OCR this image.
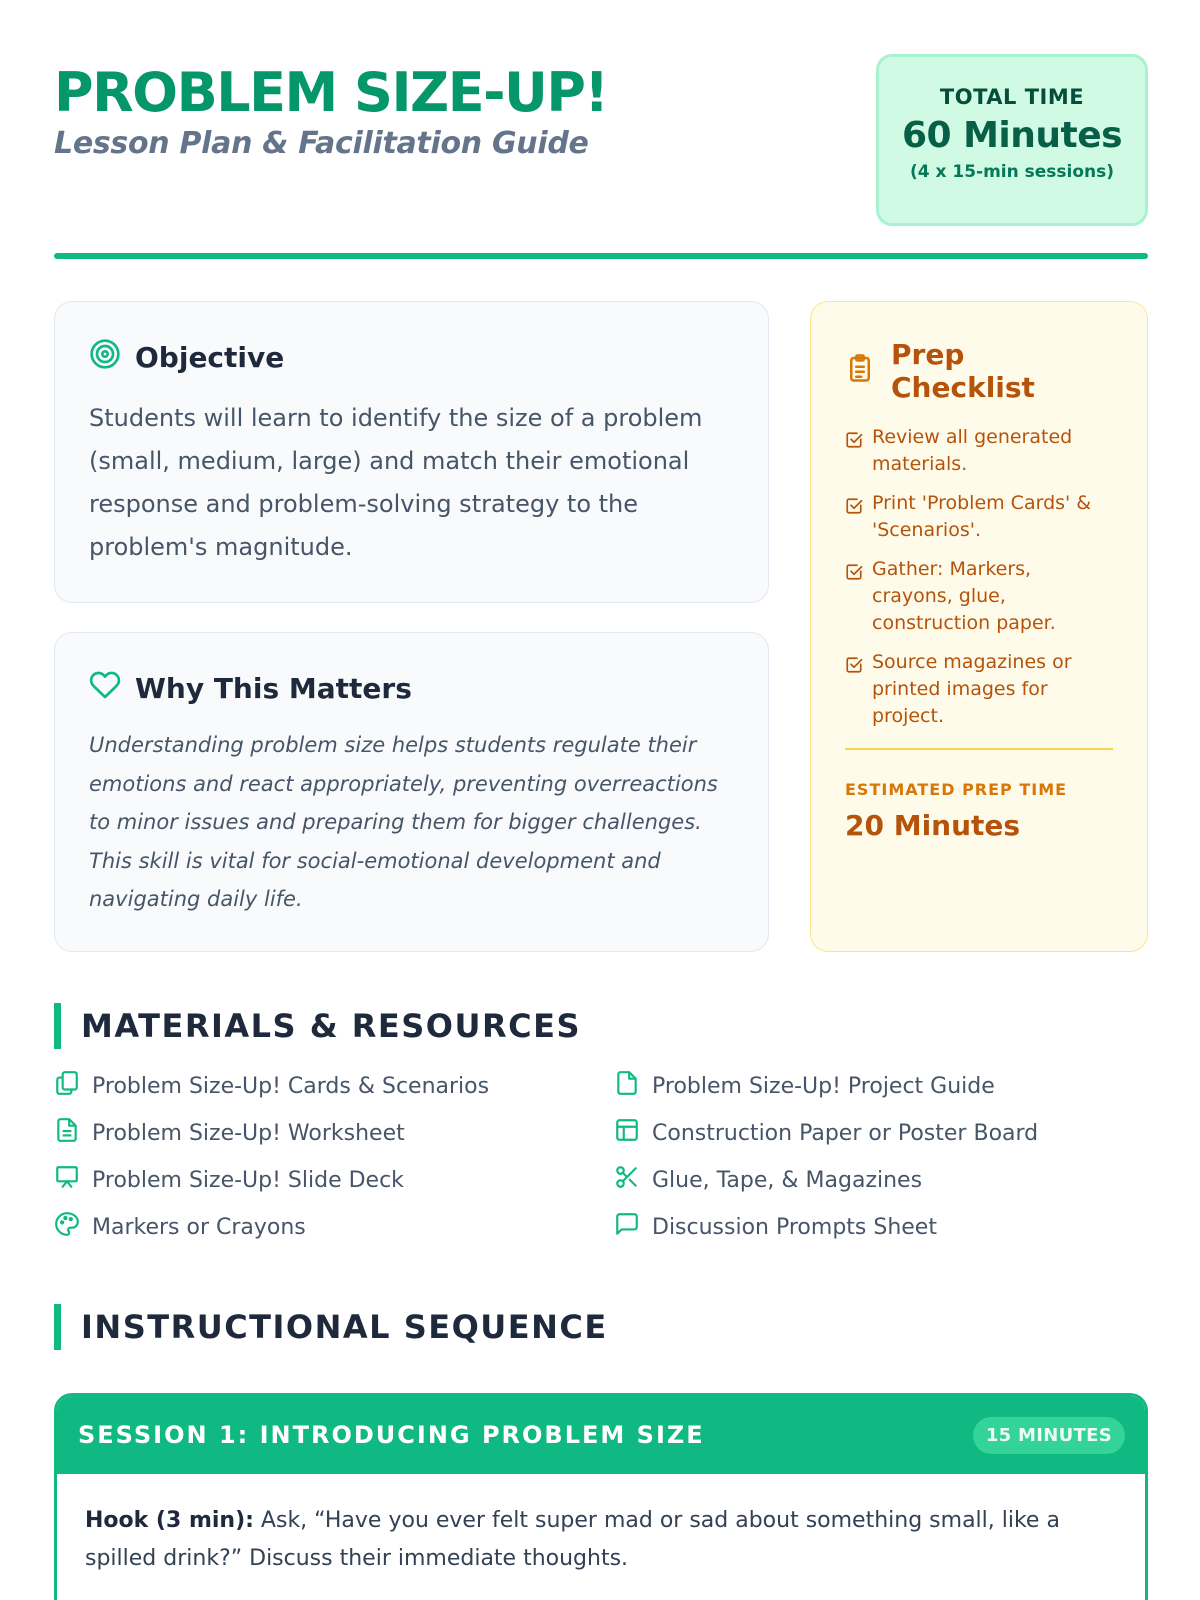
PROBLEM SIZE-UP!
Lesson Plan & Facilitation Guide
TOTAL TIME
60 Minutes
(4 x 15-min sessions)
Objective

Students will learn to identify the size of a problem (small, medium, large) and match their emotional response and problem-solving strategy to the problem's magnitude.

Why This Matters

Understanding problem size helps students regulate their emotions and react appropriately, preventing overreactions to minor issues and preparing them for bigger challenges. This skill is vital for social-emotional development and navigating daily life.

Prep Checklist
Review all generated materials.
Print 'Problem Cards' & 'Scenarios'.
Gather: Markers, crayons, glue, construction paper.
Source magazines or printed images for project.
ESTIMATED PREP TIME
20 Minutes
MATERIALS & RESOURCES
Problem Size-Up! Cards & Scenarios	Problem Size-Up! Project Guide
Problem Size-Up! Worksheet	Construction Paper or Poster Board
Problem Size-Up! Slide Deck	Glue, Tape, & Magazines
Markers or Crayons	Discussion Prompts Sheet
INSTRUCTIONAL SEQUENCE
SESSION 1: INTRODUCING PROBLEM SIZE	15 MINUTES
Hook (3 min): Ask, “Have you ever felt super mad or sad about something small, like a spilled drink?” Discuss their immediate thoughts.
